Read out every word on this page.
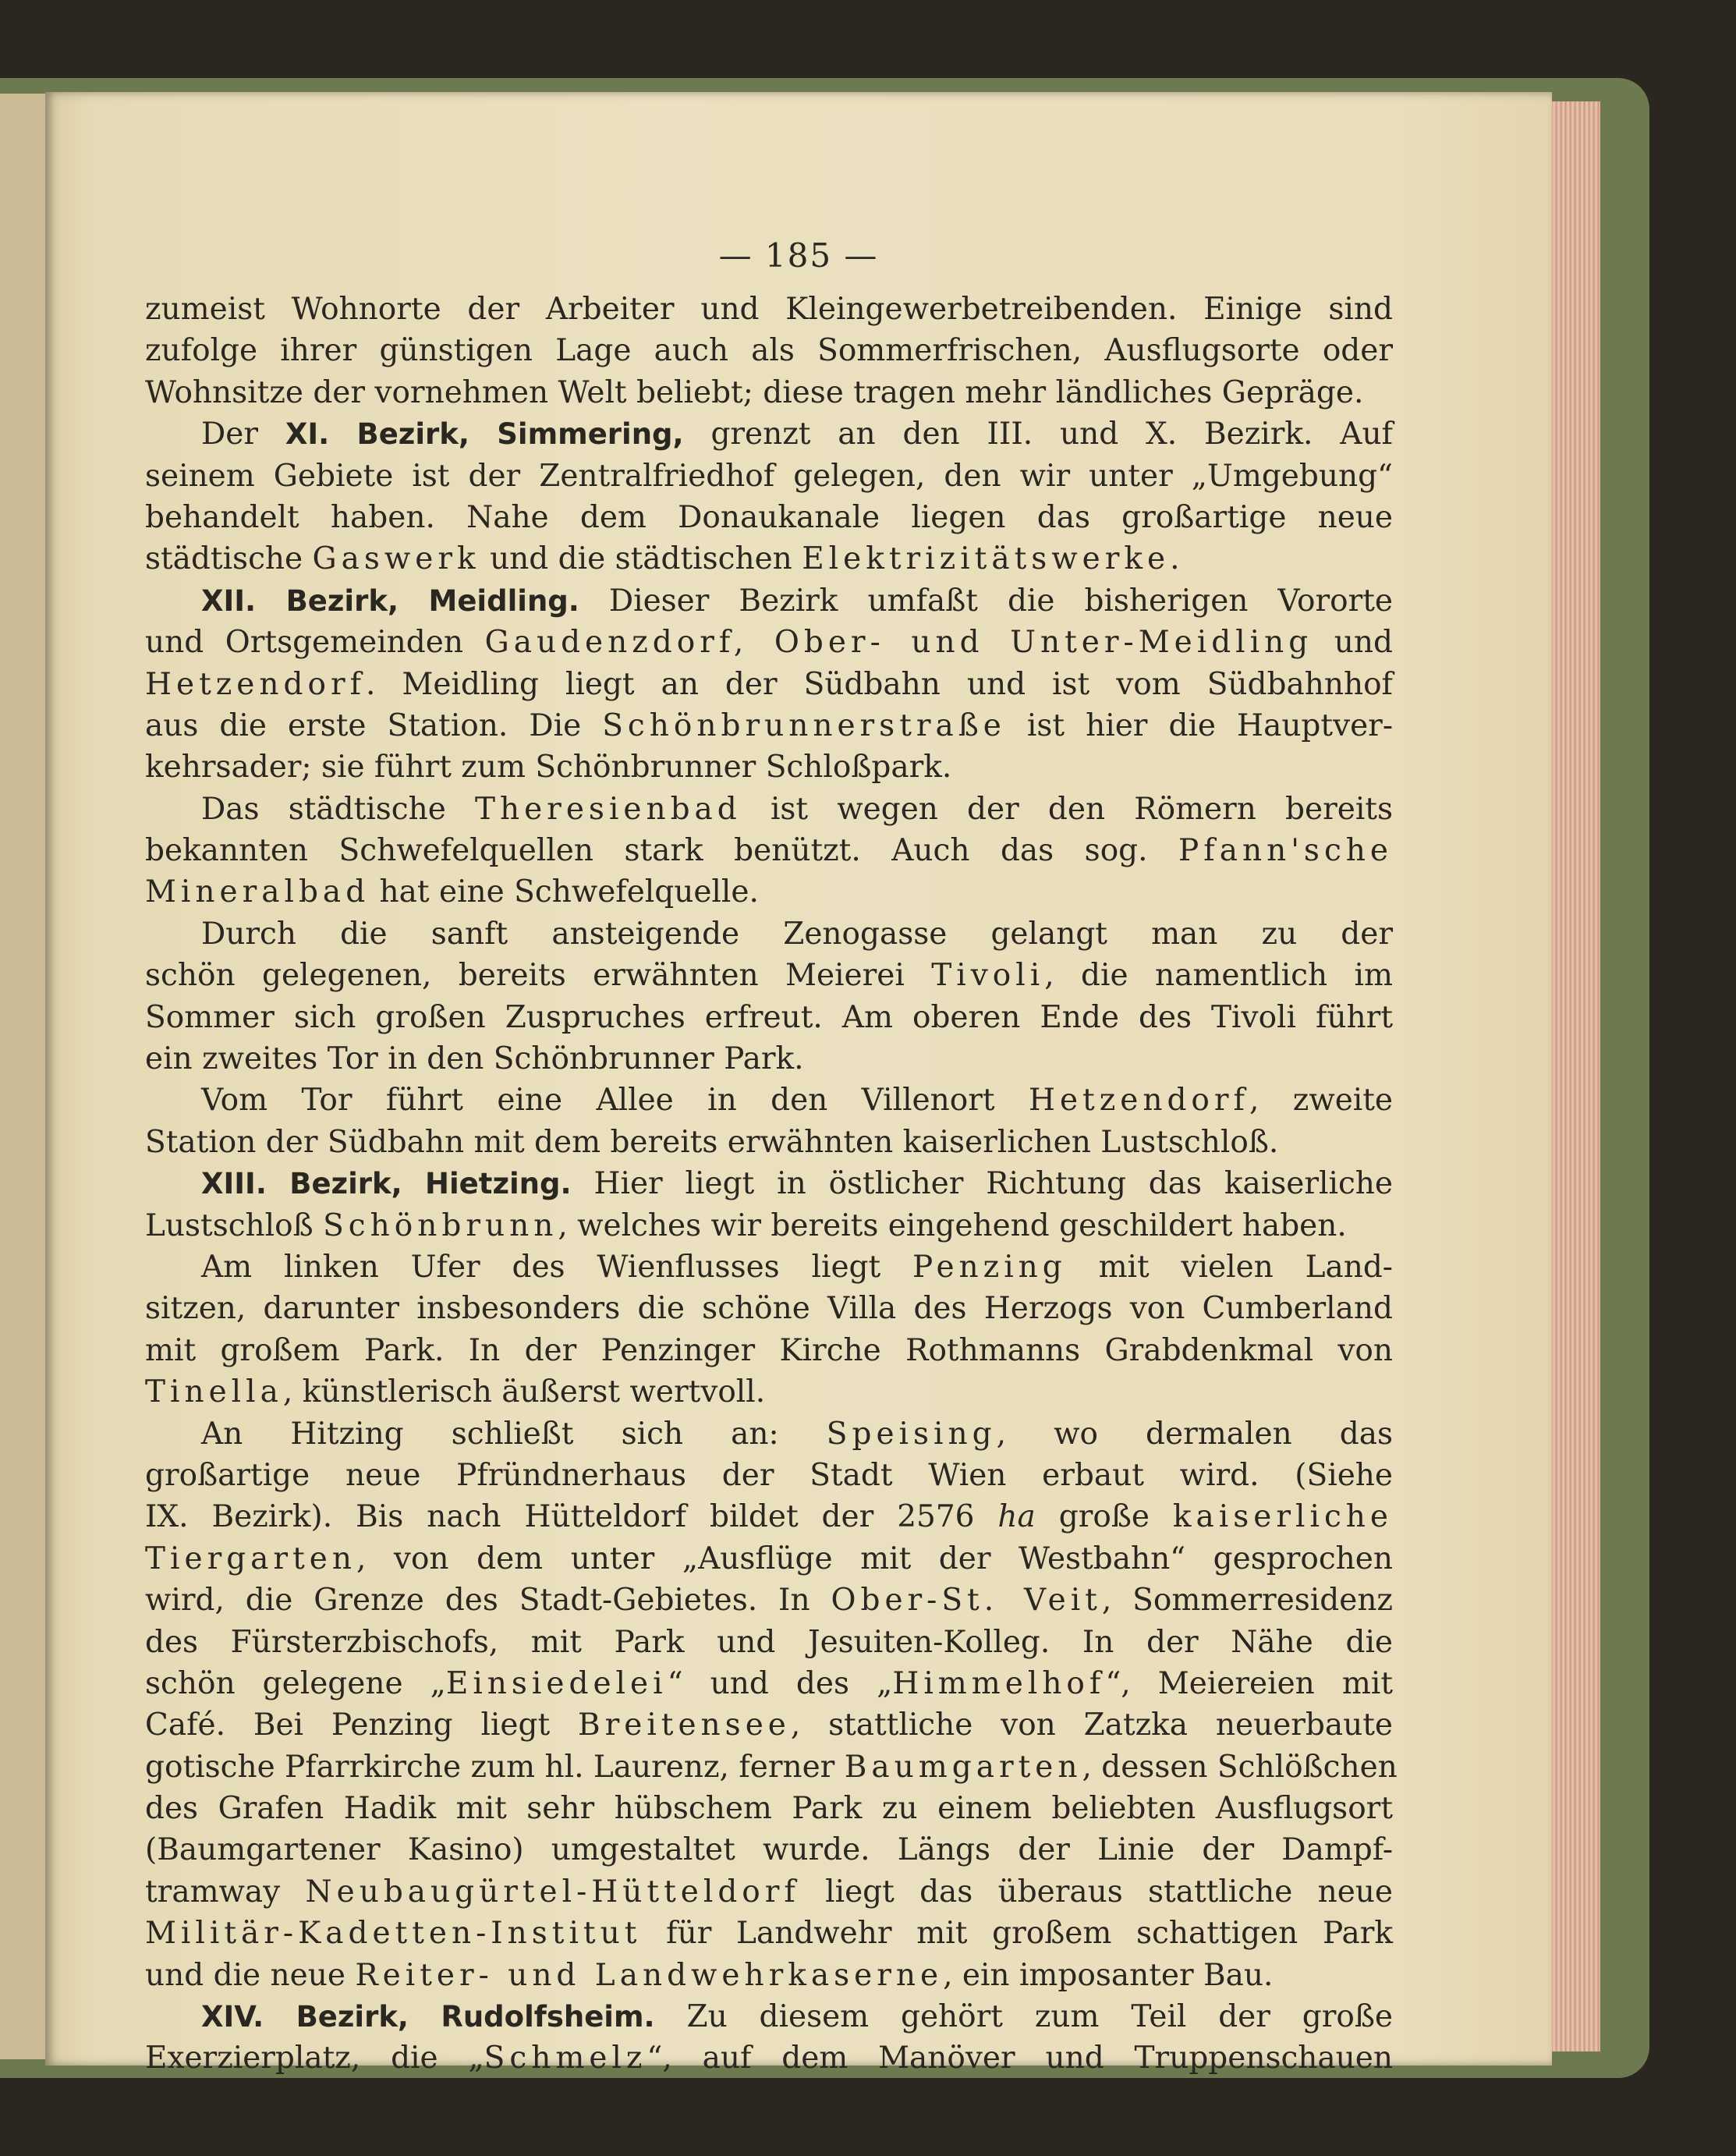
— 185 —
zumeist Wohnorte der Arbeiter und Kleingewerbetreibenden. Einige sind
zufolge ihrer günstigen Lage auch als Sommerfrischen, Ausflugsorte oder
Wohnsitze der vornehmen Welt beliebt; diese tragen mehr ländliches Gepräge.
Der XI. Bezirk, Simmering, grenzt an den III. und X. Bezirk. Auf
seinem Gebiete ist der Zentralfriedhof gelegen, den wir unter „Umgebung“
behandelt haben. Nahe dem Donaukanale liegen das großartige neue
städtische Gaswerk und die städtischen Elektrizitätswerke.
XII. Bezirk, Meidling. Dieser Bezirk umfaßt die bisherigen Vororte
und Ortsgemeinden Gaudenzdorf, Ober- und Unter-Meidling und
Hetzendorf. Meidling liegt an der Südbahn und ist vom Südbahnhof
aus die erste Station. Die Schönbrunnerstraße ist hier die Hauptver-
kehrsader; sie führt zum Schönbrunner Schloßpark.
Das städtische Theresienbad ist wegen der den Römern bereits
bekannten Schwefelquellen stark benützt. Auch das sog. Pfann'sche
Mineralbad hat eine Schwefelquelle.
Durch die sanft ansteigende Zenogasse gelangt man zu der
schön gelegenen, bereits erwähnten Meierei Tivoli, die namentlich im
Sommer sich großen Zuspruches erfreut. Am oberen Ende des Tivoli führt
ein zweites Tor in den Schönbrunner Park.
Vom Tor führt eine Allee in den Villenort Hetzendorf, zweite
Station der Südbahn mit dem bereits erwähnten kaiserlichen Lustschloß.
XIII. Bezirk, Hietzing. Hier liegt in östlicher Richtung das kaiserliche
Lustschloß Schönbrunn, welches wir bereits eingehend geschildert haben.
Am linken Ufer des Wienflusses liegt Penzing mit vielen Land-
sitzen, darunter insbesonders die schöne Villa des Herzogs von Cumberland
mit großem Park. In der Penzinger Kirche Rothmanns Grabdenkmal von
Tinella, künstlerisch äußerst wertvoll.
An Hitzing schließt sich an: Speising, wo dermalen das
großartige neue Pfründnerhaus der Stadt Wien erbaut wird. (Siehe
IX. Bezirk). Bis nach Hütteldorf bildet der 2576 ha große kaiserliche
Tiergarten, von dem unter „Ausflüge mit der Westbahn“ gesprochen
wird, die Grenze des Stadt-Gebietes. In Ober-St. Veit, Sommerresidenz
des Fürsterzbischofs, mit Park und Jesuiten-Kolleg. In der Nähe die
schön gelegene „Einsiedelei“ und des „Himmelhof“, Meiereien mit
Café. Bei Penzing liegt Breitensee, stattliche von Zatzka neuerbaute
gotische Pfarrkirche zum hl. Laurenz, ferner Baumgarten, dessen Schlößchen
des Grafen Hadik mit sehr hübschem Park zu einem beliebten Ausflugsort
(Baumgartener Kasino) umgestaltet wurde. Längs der Linie der Dampf-
tramway Neubaugürtel-Hütteldorf liegt das überaus stattliche neue
Militär-Kadetten-Institut für Landwehr mit großem schattigen Park
und die neue Reiter- und Landwehrkaserne, ein imposanter Bau.
XIV. Bezirk, Rudolfsheim. Zu diesem gehört zum Teil der große
Exerzierplatz, die „Schmelz“, auf dem Manöver und Truppenschauen
